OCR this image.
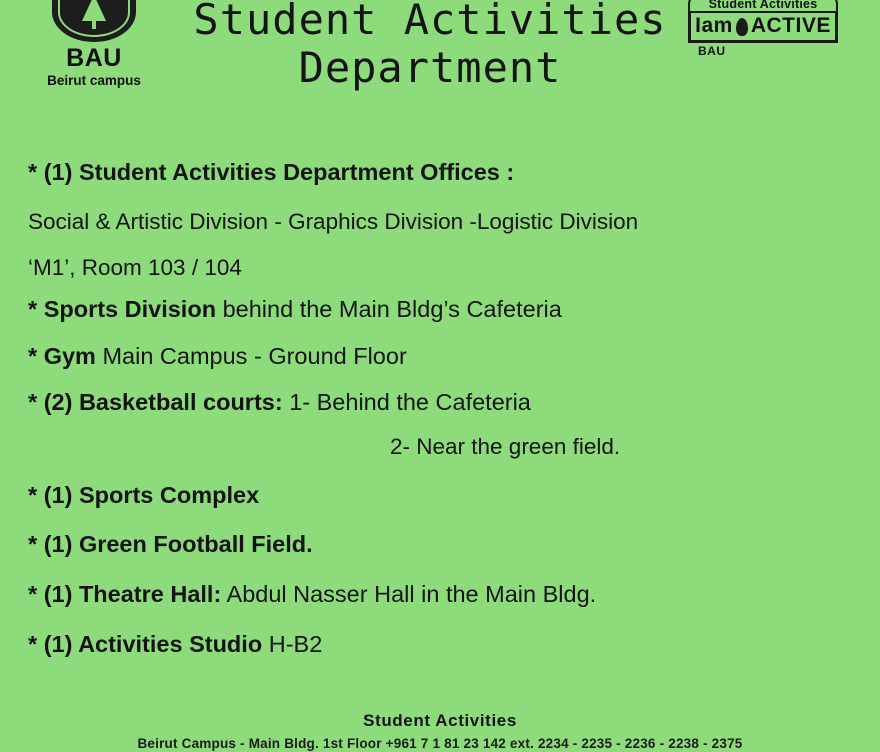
BAU
Beirut campus
Student Activities
Department
Student Activities
Iam ACTIVE
BAU
* (1) Student Activities Department Offices :
Social & Artistic Division - Graphics Division -Logistic Division
‘M1’, Room 103 / 104
* Sports Division behind the Main Bldg’s Cafeteria
* Gym Main Campus - Ground Floor
* (2) Basketball courts: 1- Behind the Cafeteria
2- Near the green field.
* (1) Sports Complex
* (1) Green Football Field.
* (1) Theatre Hall: Abdul Nasser Hall in the Main Bldg.
* (1) Activities Studio H-B2
Student Activities
Beirut Campus - Main Bldg. 1st Floor +961 7 1 81 23 142 ext. 2234 - 2235 - 2236 - 2238 - 2375
